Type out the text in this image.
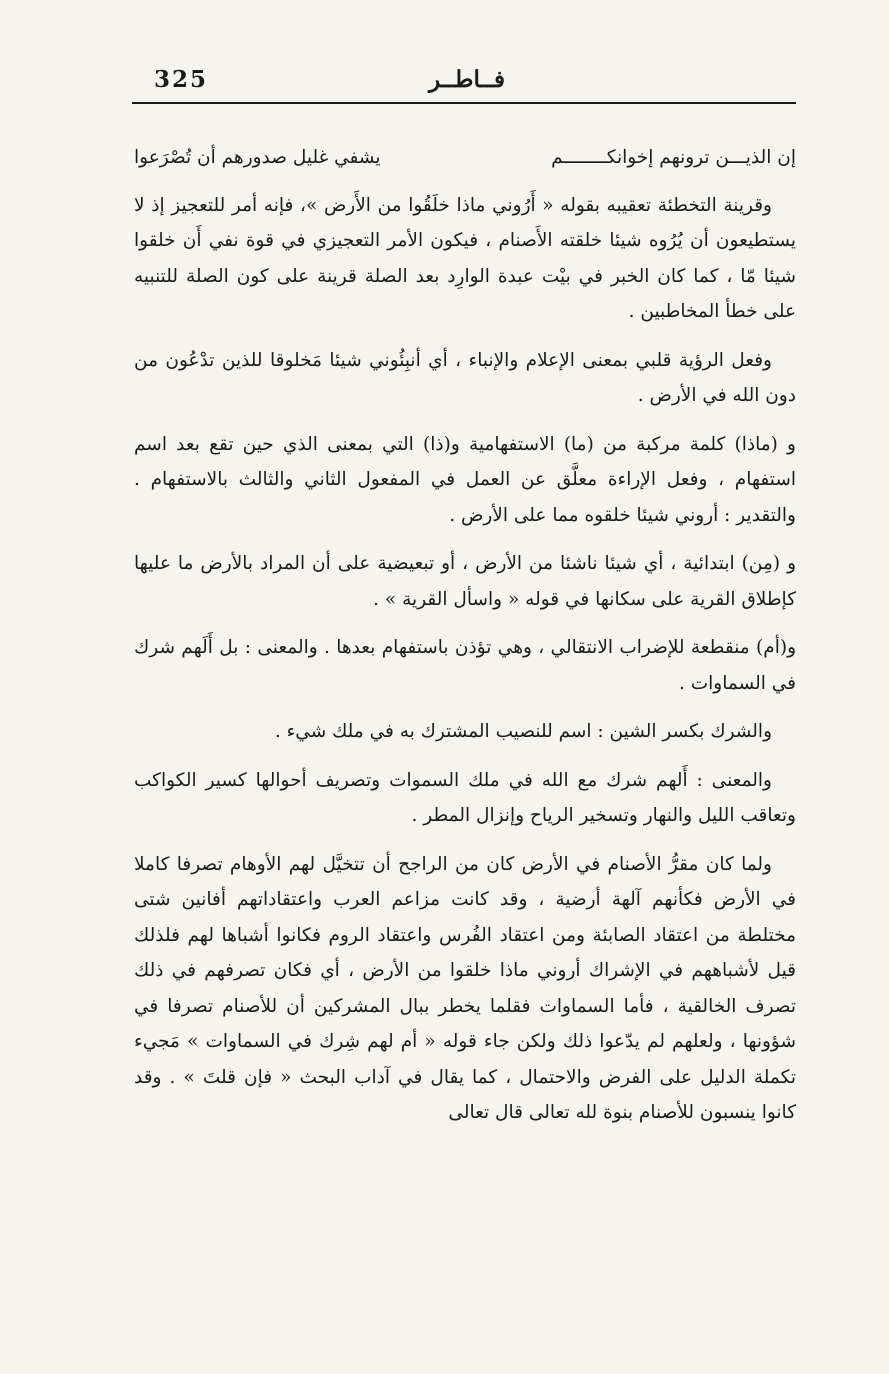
325	فــاطــر
إن الذيـــن ترونهم إخوانكــــــــم
يشفي غليل صدورهم أن تُصْرَعوا

وقرينة التخطئة تعقيبه بقوله « أَرُوني ماذا خلَقُوا من الأَرض »، فإنه أمر للتعجيز إذ لا يستطيعون أن يُرُوه شيئا خلقته الأَصنام ، فيكون الأمر التعجيزي في قوة نفي أَن خلقوا شيئا مّا ، كما كان الخبر في بيْت عبدة الوارِد بعد الصلة قرينة على كون الصلة للتنبيه على خطأ المخاطبين .

وفعل الرؤية قلبي بمعنى الإعلام والإنباء ، أي أنبِئُوني شيئا مَخلوقا للذين تدْعُون من دون الله في الأرض .

و (ماذا) كلمة مركبة من (ما) الاستفهامية و(ذا) التي بمعنى الذي حين تقع بعد اسم استفهام ، وفعل الإراءة معلَّق عن العمل في المفعول الثاني والثالث بالاستفهام . والتقدير : أروني شيئا خلقوه مما على الأرض .

و (مِن) ابتدائية ، أي شيئا ناشئا من الأرض ، أو تبعيضية على أن المراد بالأرض ما عليها كإطلاق القرية على سكانها في قوله « واسأل القرية » .

و(أم) منقطعة للإضراب الانتقالي ، وهي تؤذن باستفهام بعدها . والمعنى : بل أَلَهم شرك في السماوات .

والشرك بكسر الشين : اسم للنصيب المشترك به في ملك شيء .

والمعنى : أَلهم شرك مع الله في ملك السموات وتصريف أحوالها كسير الكواكب وتعاقب الليل والنهار وتسخير الرياح وإنزال المطر .

ولما كان مقرُّ الأصنام في الأرض كان من الراجح أن تتخيَّل لهم الأوهام تصرفا كاملا في الأرض فكأنهم آلهة أرضية ، وقد كانت مزاعم العرب واعتقاداتهم أفانين شتى مختلطة من اعتقاد الصابئة ومن اعتقاد الفُرس واعتقاد الروم فكانوا أشباها لهم فلذلك قيل لأشباههم في الإشراك أروني ماذا خلقوا من الأرض ، أي فكان تصرفهم في ذلك تصرف الخالقية ، فأما السماوات فقلما يخطر ببال المشركين أن للأصنام تصرفا في شؤونها ، ولعلهم لم يدّعوا ذلك ولكن جاء قوله « أم لهم شِرك في السماوات » مَجيء تكملة الدليل على الفرض والاحتمال ، كما يقال في آداب البحث « فإن قلتَ » . وقد كانوا ينسبون للأصنام بنوة لله تعالى قال تعالى
